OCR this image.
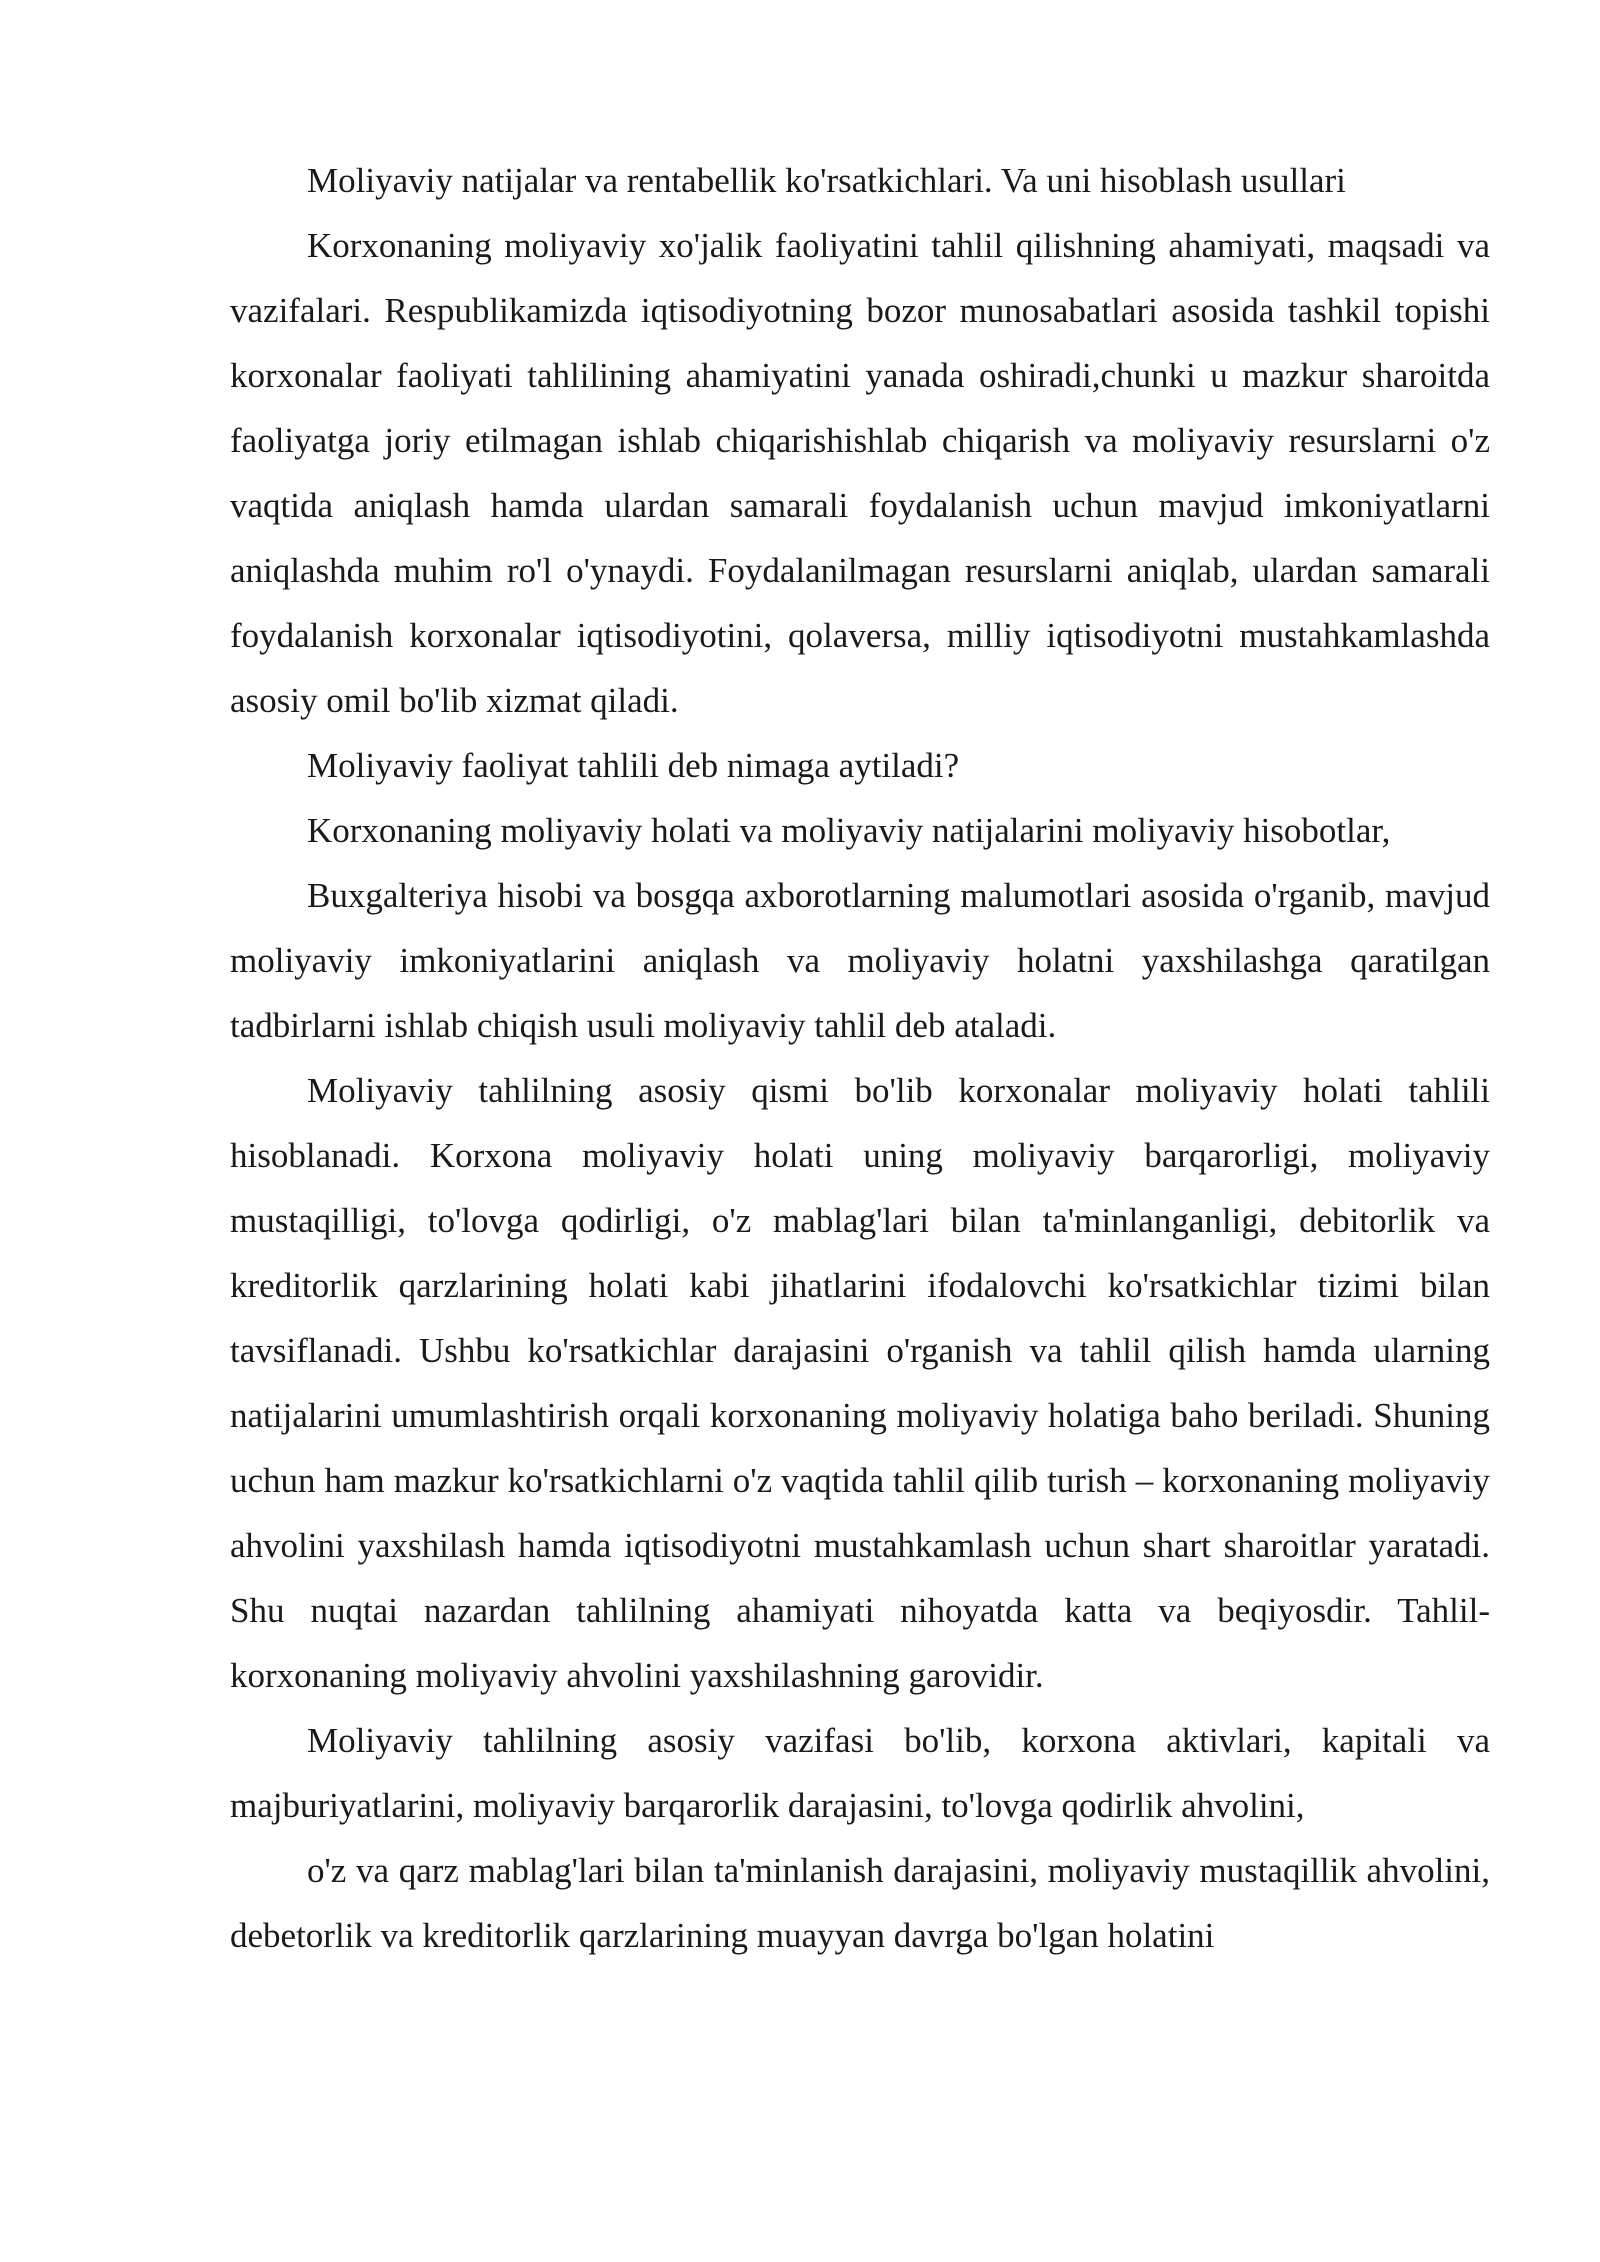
Moliyaviy natijalar va rentabellik ko'rsatkichlari. Va uni hisoblash usullari

Korxonaning moliyaviy xo'jalik faoliyatini tahlil qilishning ahamiyati, maqsadi va vazifalari. Respublikamizda iqtisodiyotning bozor munosabatlari asosida tashkil topishi korxonalar faoliyati tahlilining ahamiyatini yanada oshiradi,chunki u mazkur sharoitda faoliyatga joriy etilmagan ishlab chiqarishishlab chiqarish va moliyaviy resurslarni o'z vaqtida aniqlash hamda ulardan samarali foydalanish uchun mavjud imkoniyatlarni aniqlashda muhim ro'l o'ynaydi. Foydalanilmagan resurslarni aniqlab, ulardan samarali foydalanish korxonalar iqtisodiyotini, qolaversa, milliy iqtisodiyotni mustahkamlashda asosiy omil bo'lib xizmat qiladi.

Moliyaviy faoliyat tahlili deb nimaga aytiladi?

Korxonaning moliyaviy holati va moliyaviy natijalarini moliyaviy hisobotlar,

Buxgalteriya hisobi va bosgqa axborotlarning malumotlari asosida o'rganib, mavjud moliyaviy imkoniyatlarini aniqlash va moliyaviy holatni yaxshilashga qaratilgan tadbirlarni ishlab chiqish usuli moliyaviy tahlil deb ataladi.

Moliyaviy tahlilning asosiy qismi bo'lib korxonalar moliyaviy holati tahlili hisoblanadi. Korxona moliyaviy holati uning moliyaviy barqarorligi, moliyaviy mustaqilligi, to'lovga qodirligi, o'z mablag'lari bilan ta'minlanganligi, debitorlik va kreditorlik qarzlarining holati kabi jihatlarini ifodalovchi ko'rsatkichlar tizimi bilan tavsiflanadi. Ushbu ko'rsatkichlar darajasini o'rganish va tahlil qilish hamda ularning natijalarini umumlashtirish orqali korxonaning moliyaviy holatiga baho beriladi. Shuning uchun ham mazkur ko'rsatkichlarni o'z vaqtida tahlil qilib turish – korxonaning moliyaviy ahvolini yaxshilash hamda iqtisodiyotni mustahkamlash uchun shart sharoitlar yaratadi. Shu nuqtai nazardan tahlilning ahamiyati nihoyatda katta va beqiyosdir. Tahlil- korxonaning moliyaviy ahvolini yaxshilashning garovidir.

Moliyaviy tahlilning asosiy vazifasi bo'lib, korxona aktivlari, kapitali va majburiyatlarini, moliyaviy barqarorlik darajasini, to'lovga qodirlik ahvolini,

o'z va qarz mablag'lari bilan ta'minlanish darajasini, moliyaviy mustaqillik ahvolini, debetorlik va kreditorlik qarzlarining muayyan davrga bo'lgan holatini
